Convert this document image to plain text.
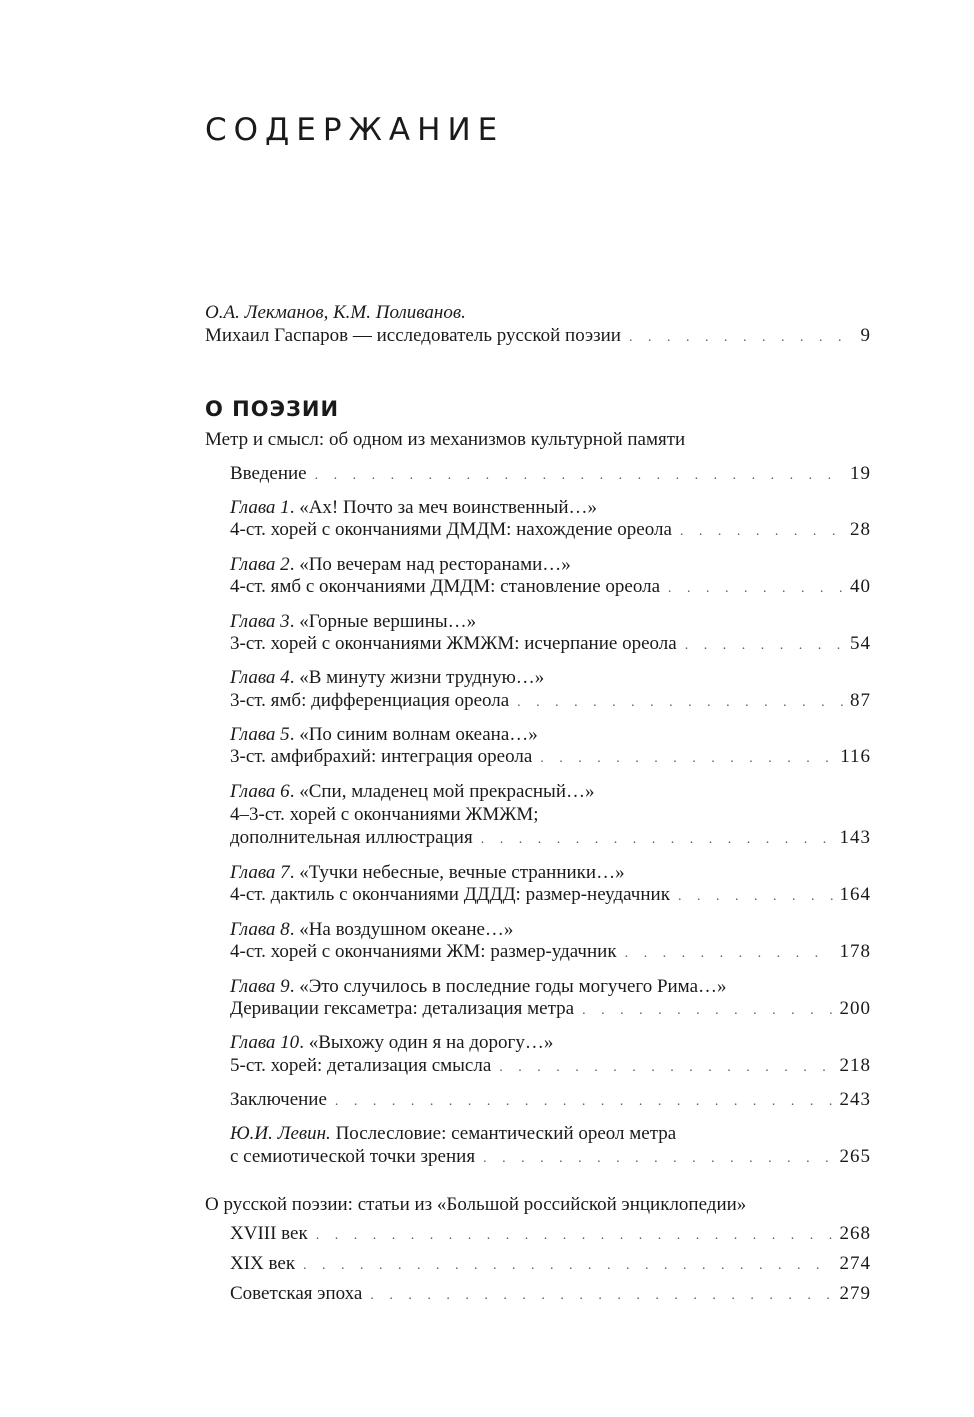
СОДЕРЖАНИЕ
О.А. Лекманов, К.М. Поливанов.
Михаил Гаспаров — исследователь русской поэзии . . .	9
О ПОЭЗИИ
Метр и смысл: об одном из механизмов культурной памяти
Введение . . .	19
Глава 1. «Ах! Почто за меч воинственный…»
4-ст. хорей с окончаниями ДМДМ: нахождение ореола . . .	28
Глава 2. «По вечерам над ресторанами…»
4-ст. ямб с окончаниями ДМДМ: становление ореола . . .	40
Глава 3. «Горные вершины…»
3-ст. хорей с окончаниями ЖМЖМ: исчерпание ореола . . .	54
Глава 4. «В минуту жизни трудную…»
3-ст. ямб: дифференциация ореола . . .	87
Глава 5. «По синим волнам океана…»
3-ст. амфибрахий: интеграция ореола . . .	116
Глава 6. «Спи, младенец мой прекрасный…»
4–3-ст. хорей с окончаниями ЖМЖМ;
дополнительная иллюстрация . . .	143
Глава 7. «Тучки небесные, вечные странники…»
4-ст. дактиль с окончаниями ДДДД: размер-неудачник . . .	164
Глава 8. «На воздушном океане…»
4-ст. хорей с окончаниями ЖМ: размер-удачник . . .	178
Глава 9. «Это случилось в последние годы могучего Рима…»
Деривации гексаметра: детализация метра . . .	200
Глава 10. «Выхожу один я на дорогу…»
5-ст. хорей: детализация смысла . . .	218
Заключение . . .	243
Ю.И. Левин. Послесловие: семантический ореол метра
с семиотической точки зрения . . .	265
О русской поэзии: статьи из «Большой российской энциклопедии»
XVIII век . . .	268
XIX век . . .	274
Советская эпоха . . .	279
